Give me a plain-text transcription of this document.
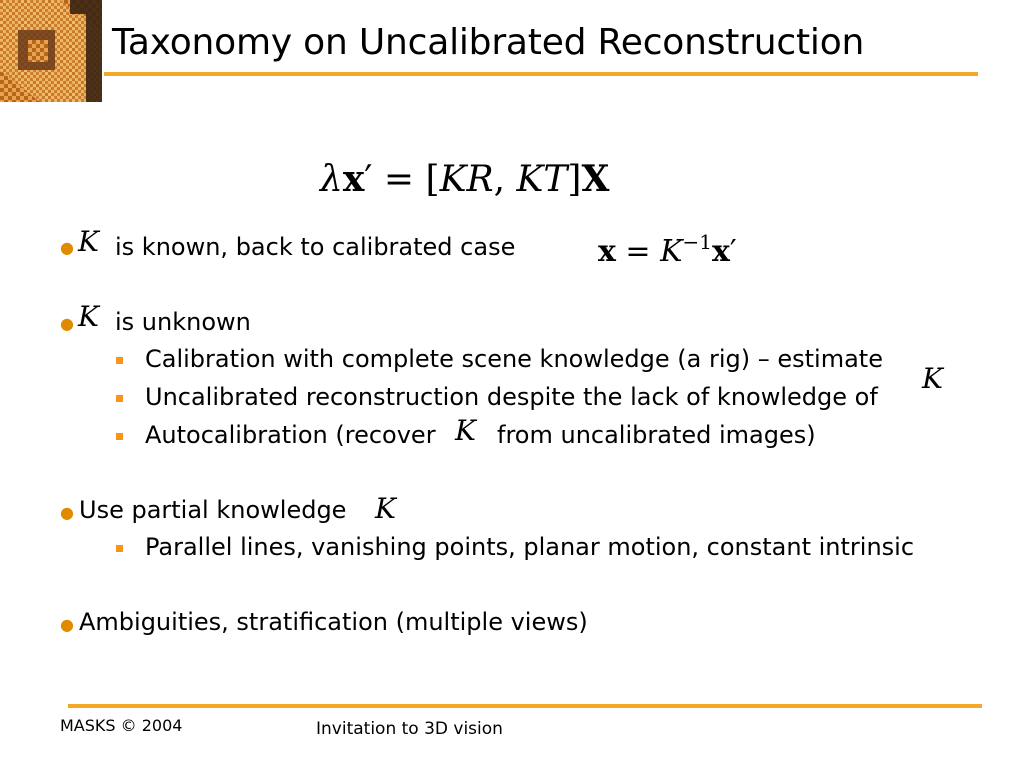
Taxonomy on Uncalibrated Reconstruction
λx′ = [KR, KT]X
● K is known, back to calibrated case	$x = K^{-1}x'$
● K is unknown
Calibration with complete scene knowledge (a rig) – estimate
K
Uncalibrated reconstruction despite the lack of knowledge of
Autocalibration (recover K from uncalibrated images)
● Use partial knowledge K
Parallel lines, vanishing points, planar motion, constant intrinsic
● Ambiguities, stratification (multiple views)
MASKS © 2004	Invitation to 3D vision
